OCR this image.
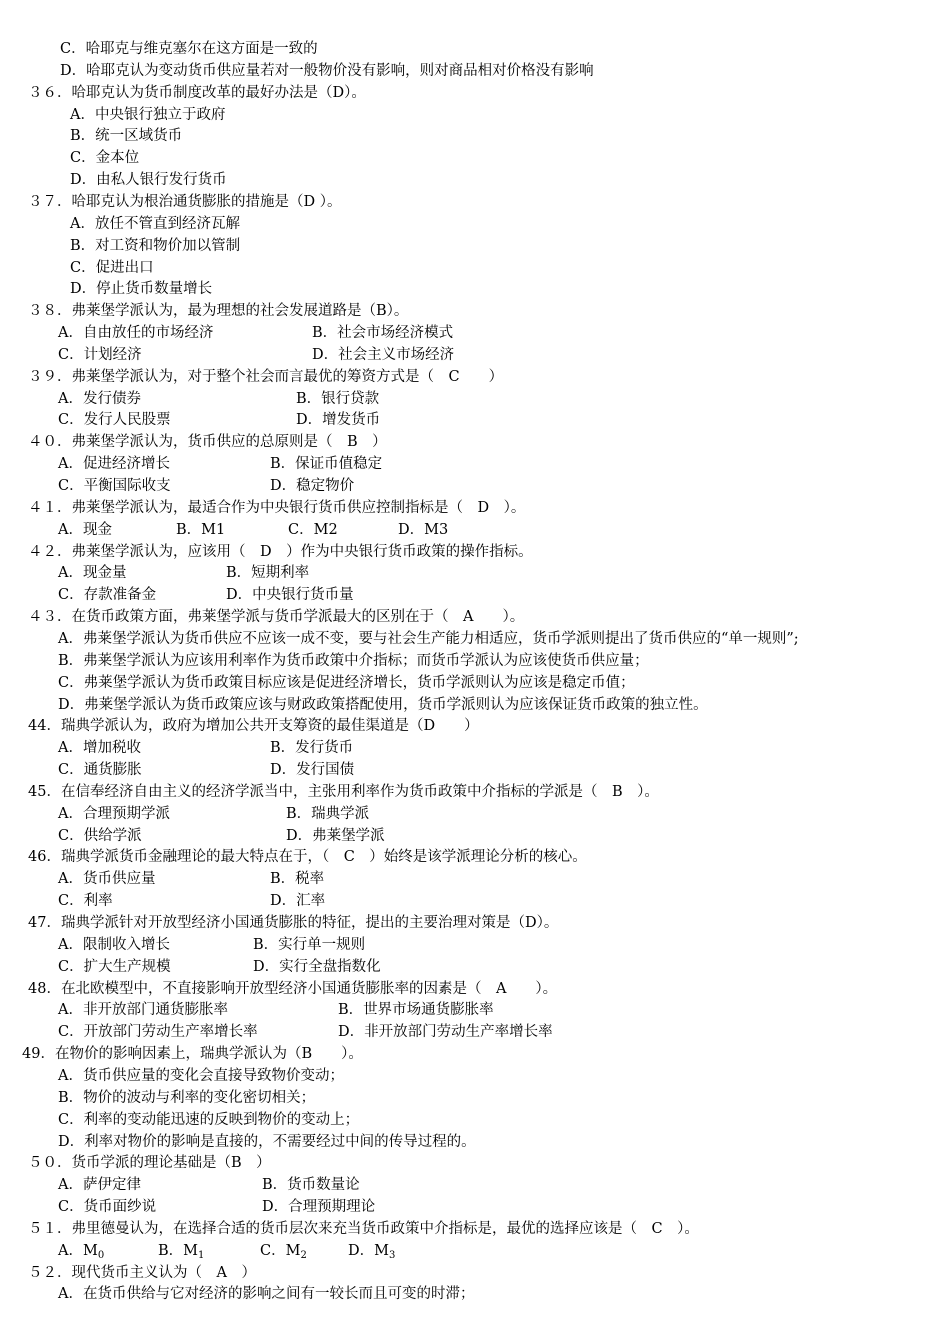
C．哈耶克与维克塞尔在这方面是一致的
D．哈耶克认为变动货币供应量若对一般物价没有影响，则对商品相对价格没有影响
３６．哈耶克认为货币制度改革的最好办法是（D）。
A．中央银行独立于政府
B．统一区域货币
C．金本位
D．由私人银行发行货币
３７．哈耶克认为根治通货膨胀的措施是（D ）。
A．放任不管直到经济瓦解
B．对工资和物价加以管制
C．促进出口
D．停止货币数量增长
３８．弗莱堡学派认为，最为理想的社会发展道路是（B）。
A．自由放任的市场经济	B．社会市场经济模式
C．计划经济	D．社会主义市场经济
３９．弗莱堡学派认为，对于整个社会而言最优的筹资方式是（　C　　）
A．发行债券	B．银行贷款
C．发行人民股票	D．增发货币
４０．弗莱堡学派认为，货币供应的总原则是（　B　）
A．促进经济增长	B．保证币值稳定
C．平衡国际收支	D．稳定物价
４１．弗莱堡学派认为，最适合作为中央银行货币供应控制指标是（　D　）。
A．现金	B．M1	C．M2	D．M3
４２．弗莱堡学派认为，应该用（　D　）作为中央银行货币政策的操作指标。
A．现金量	B．短期利率
C．存款准备金	D．中央银行货币量
４３．在货币政策方面，弗莱堡学派与货币学派最大的区别在于（　A　　）。
A．弗莱堡学派认为货币供应不应该一成不变，要与社会生产能力相适应，货币学派则提出了货币供应的“单一规则”;
B．弗莱堡学派认为应该用利率作为货币政策中介指标；而货币学派认为应该使货币供应量；
C．弗莱堡学派认为货币政策目标应该是促进经济增长，货币学派则认为应该是稳定币值；
D．弗莱堡学派认为货币政策应该与财政政策搭配使用，货币学派则认为应该保证货币政策的独立性。
44．瑞典学派认为，政府为增加公共开支筹资的最佳渠道是（D　　）
A．增加税收	B．发行货币
C．通货膨胀	D．发行国债
45．在信奉经济自由主义的经济学派当中，主张用利率作为货币政策中介指标的学派是（　B　）。
A．合理预期学派	B．瑞典学派
C．供给学派	D．弗莱堡学派
46．瑞典学派货币金融理论的最大特点在于，（　C　）始终是该学派理论分析的核心。
A．货币供应量	B．税率
C．利率	D．汇率
47．瑞典学派针对开放型经济小国通货膨胀的特征，提出的主要治理对策是（D）。
A．限制收入增长	B．实行单一规则
C．扩大生产规模	D．实行全盘指数化
48．在北欧模型中，不直接影响开放型经济小国通货膨胀率的因素是（　A　　）。
A．非开放部门通货膨胀率	B．世界市场通货膨胀率
C．开放部门劳动生产率增长率	D．非开放部门劳动生产率增长率
49．在物价的影响因素上，瑞典学派认为（B　　）。
A．货币供应量的变化会直接导致物价变动；
B．物价的波动与利率的变化密切相关；
C．利率的变动能迅速的反映到物价的变动上；
D．利率对物价的影响是直接的，不需要经过中间的传导过程的。
５０．货币学派的理论基础是（B　）
A．萨伊定律	B．货币数量论
C．货币面纱说	D．合理预期理论
５１．弗里德曼认为，在选择合适的货币层次来充当货币政策中介指标是，最优的选择应该是（　C　）。
A．$M_0$	B．$M_1$	C．$M_2$	D．$M_3$
５２．现代货币主义认为（　A　）
A．在货币供给与它对经济的影响之间有一较长而且可变的时滞；
